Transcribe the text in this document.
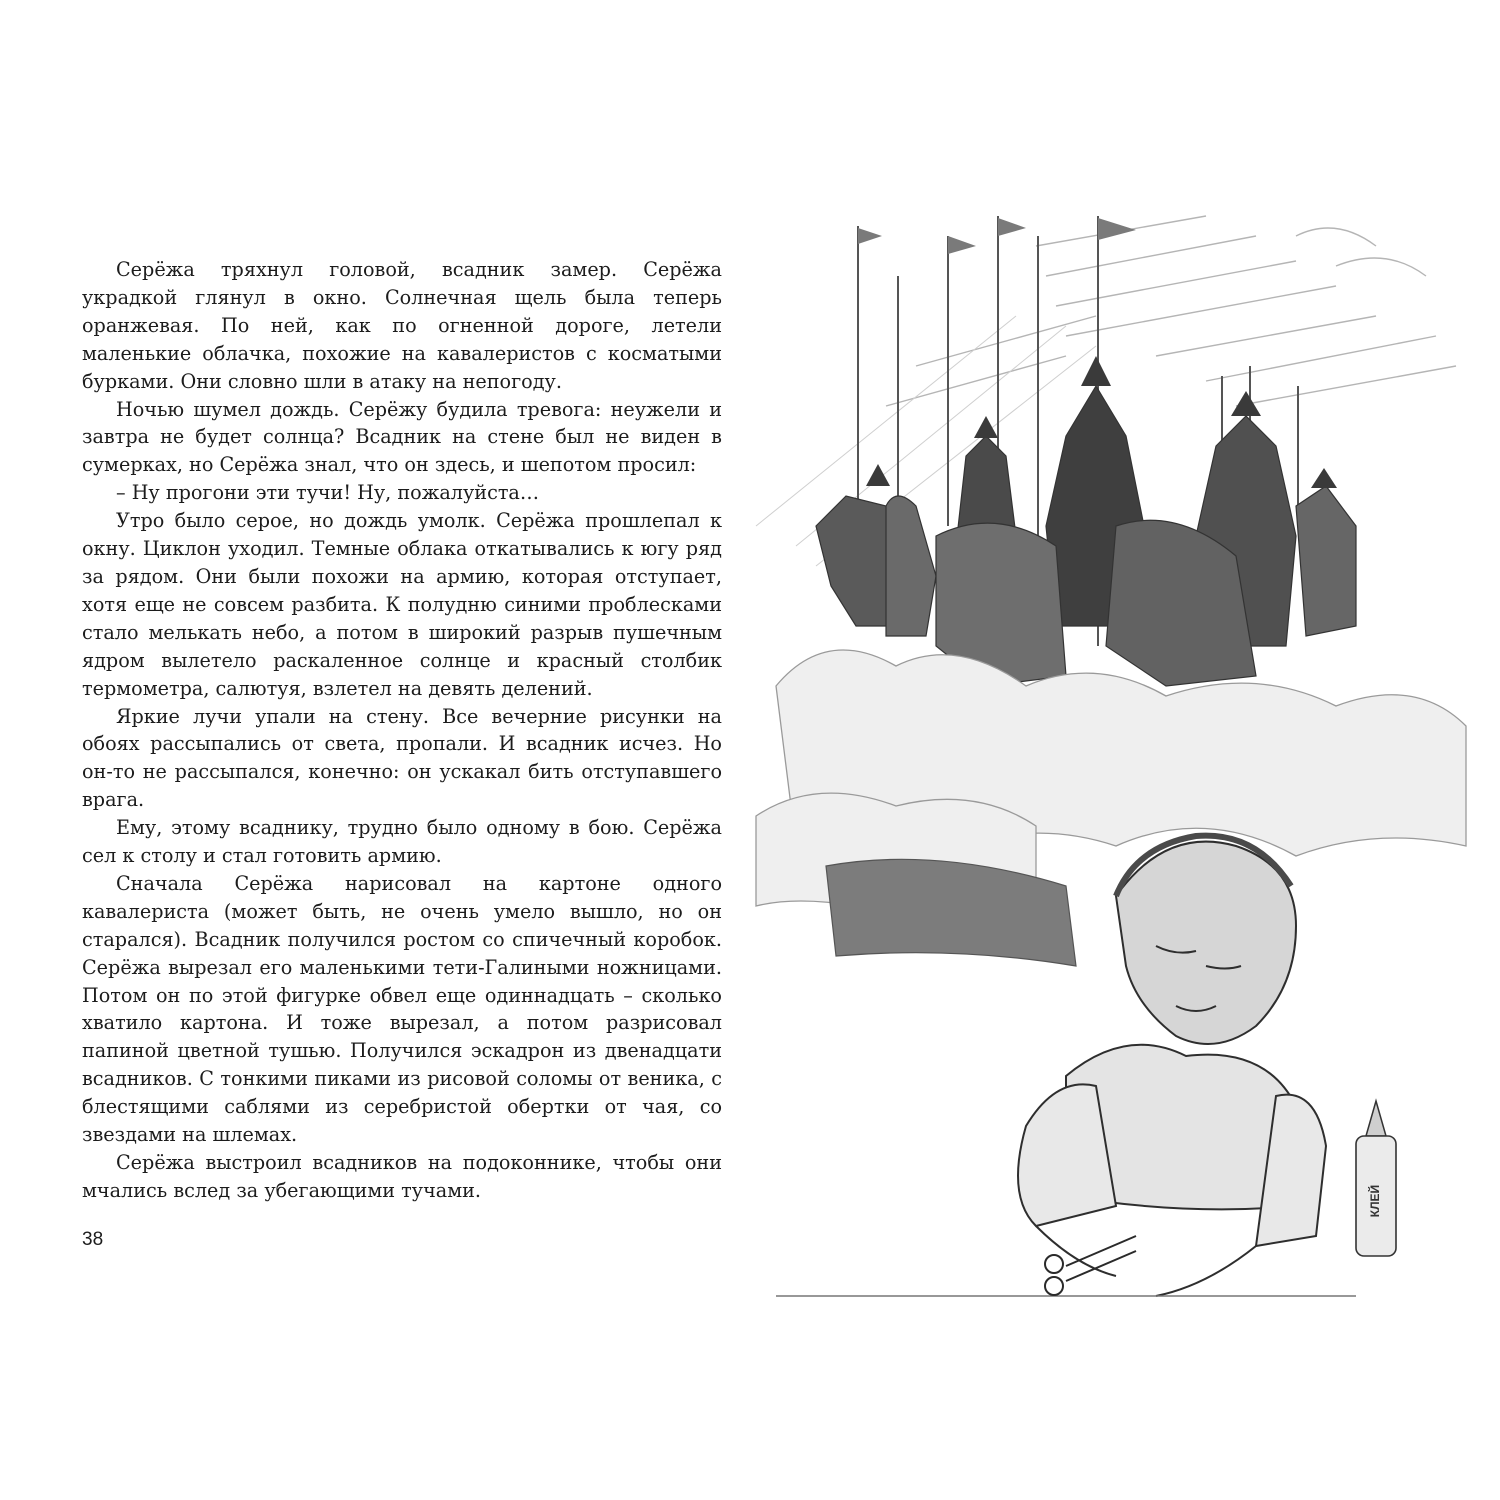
Серёжа тряхнул головой, всадник замер. Серёжа украдкой глянул в окно. Солнечная щель была теперь оранжевая. По ней, как по огненной дороге, летели маленькие облачка, похожие на кавалеристов с косматыми бурками. Они словно шли в атаку на непогоду.

Ночью шумел дождь. Серёжу будила тревога: неужели и завтра не будет солнца? Всадник на стене был не виден в сумерках, но Серёжа знал, что он здесь, и шепотом просил:

– Ну прогони эти тучи! Ну, пожалуйста…

Утро было серое, но дождь умолк. Серёжа прошлепал к окну. Циклон уходил. Темные облака откатывались к югу ряд за рядом. Они были похожи на армию, которая отступает, хотя еще не совсем разбита. К полудню синими проблесками стало мелькать небо, а потом в широкий разрыв пушечным ядром вылетело раскаленное солнце и красный столбик термометра, салютуя, взлетел на девять делений.

Яркие лучи упали на стену. Все вечерние рисунки на обоях рассыпались от света, пропали. И всадник исчез. Но он-то не рассыпался, конечно: он ускакал бить отступавшего врага.

Ему, этому всаднику, трудно было одному в бою. Серёжа сел к столу и стал готовить армию.

Сначала Серёжа нарисовал на картоне одного кавалериста (может быть, не очень умело вышло, но он старался). Всадник получился ростом со спичечный коробок. Серёжа вырезал его маленькими тети-Галиными ножницами. Потом он по этой фигурке обвел еще одиннадцать – сколько хватило картона. И тоже вырезал, а потом разрисовал папиной цветной тушью. Получился эскадрон из двенадцати всадников. С тонкими пиками из рисовой соломы от веника, с блестящими саблями из серебристой обертки от чая, со звездами на шлемах.

Серёжа выстроил всадников на подоконнике, чтобы они мчались вслед за убегающими тучами.

38
КЛЕЙ
